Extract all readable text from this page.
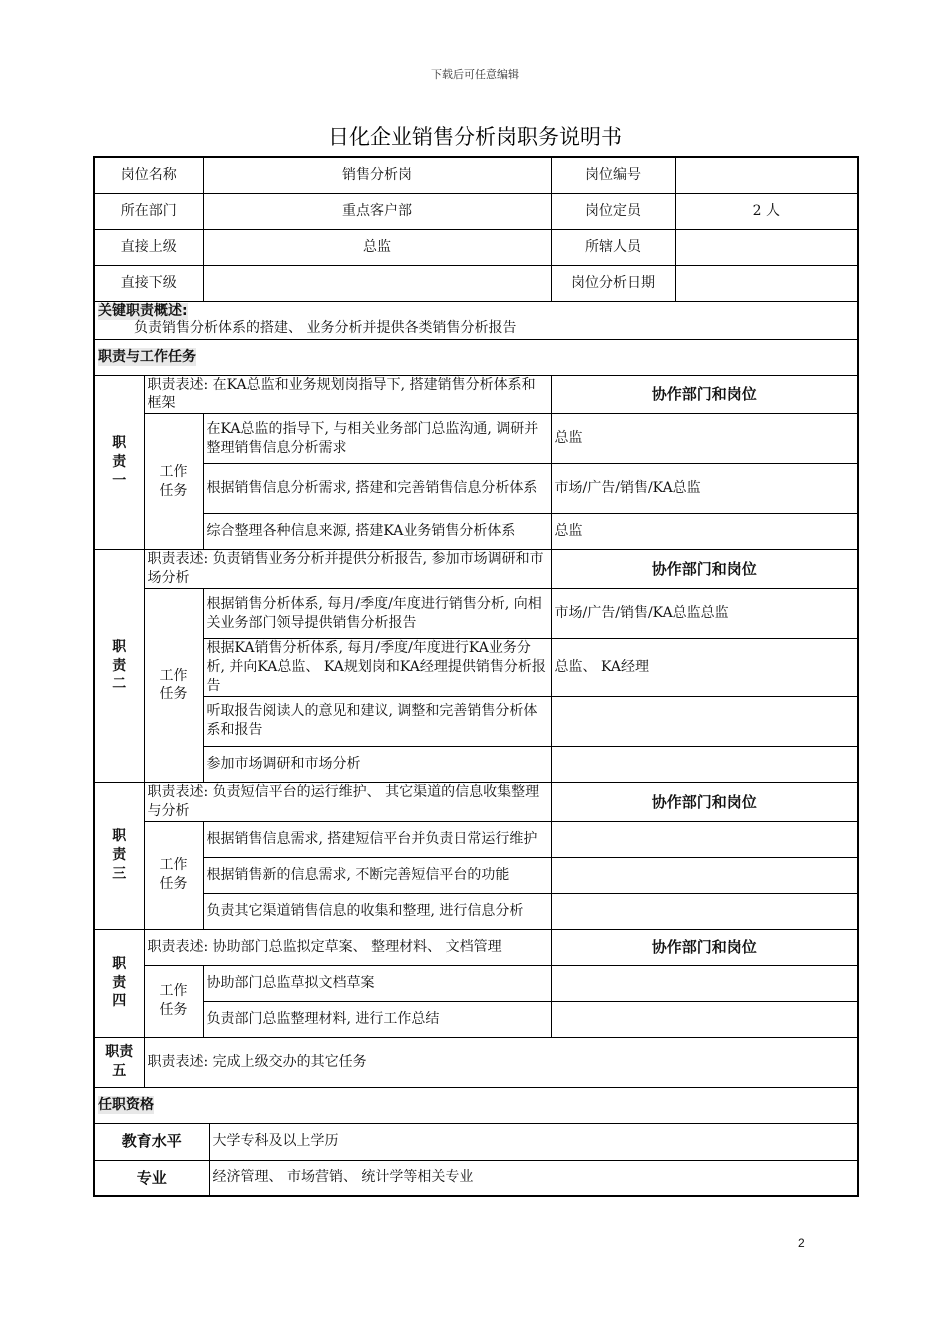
下载后可任意编辑
日化企业销售分析岗职务说明书
岗位名称		销售分析岗		岗位编号	
所在部门		重点客户部		岗位定员	2 人
直接上级		总监		所辖人员	
直接下级				岗位分析日期	
关键职责概述:
负责销售分析体系的搭建、 业务分析并提供各类销售分析报告					

职责与工作任务					
职责一	职责表述: 在KA总监和业务规划岗指导下, 搭建销售分析体系和框架			协作部门和岗位	
	工作任务	在KA总监的指导下, 与相关业务部门总监沟通, 调研并整理销售信息分析需求		总监	
		根据销售信息分析需求, 搭建和完善销售信息分析体系		市场/广告/销售/KA总监	
		综合整理各种信息来源, 搭建KA业务销售分析体系		总监	
职责二	职责表述: 负责销售业务分析并提供分析报告, 参加市场调研和市场分析			协作部门和岗位	
	工作任务	根据销售分析体系, 每月/季度/年度进行销售分析, 向相关业务部门领导提供销售分析报告		市场/广告/销售/KA总监总监	
		根据KA销售分析体系, 每月/季度/年度进行KA业务分析, 并向KA总监、 KA规划岗和KA经理提供销售分析报告		总监、 KA经理	
		听取报告阅读人的意见和建议, 调整和完善销售分析体系和报告			
		参加市场调研和市场分析			
职责三	职责表述: 负责短信平台的运行维护、 其它渠道的信息收集整理与分析			协作部门和岗位	
	工作任务	根据销售信息需求, 搭建短信平台并负责日常运行维护			
		根据销售新的信息需求, 不断完善短信平台的功能			
		负责其它渠道销售信息的收集和整理, 进行信息分析			
职责四	职责表述: 协助部门总监拟定草案、 整理材料、 文档管理			协作部门和岗位	
	工作任务	协助部门总监草拟文档草案			
		负责部门总监整理材料, 进行工作总结			
职责五	职责表述: 完成上级交办的其它任务				
任职资格					
教育水平			大学专科及以上学历		
专业			经济管理、 市场营销、 统计学等相关专业		
2
